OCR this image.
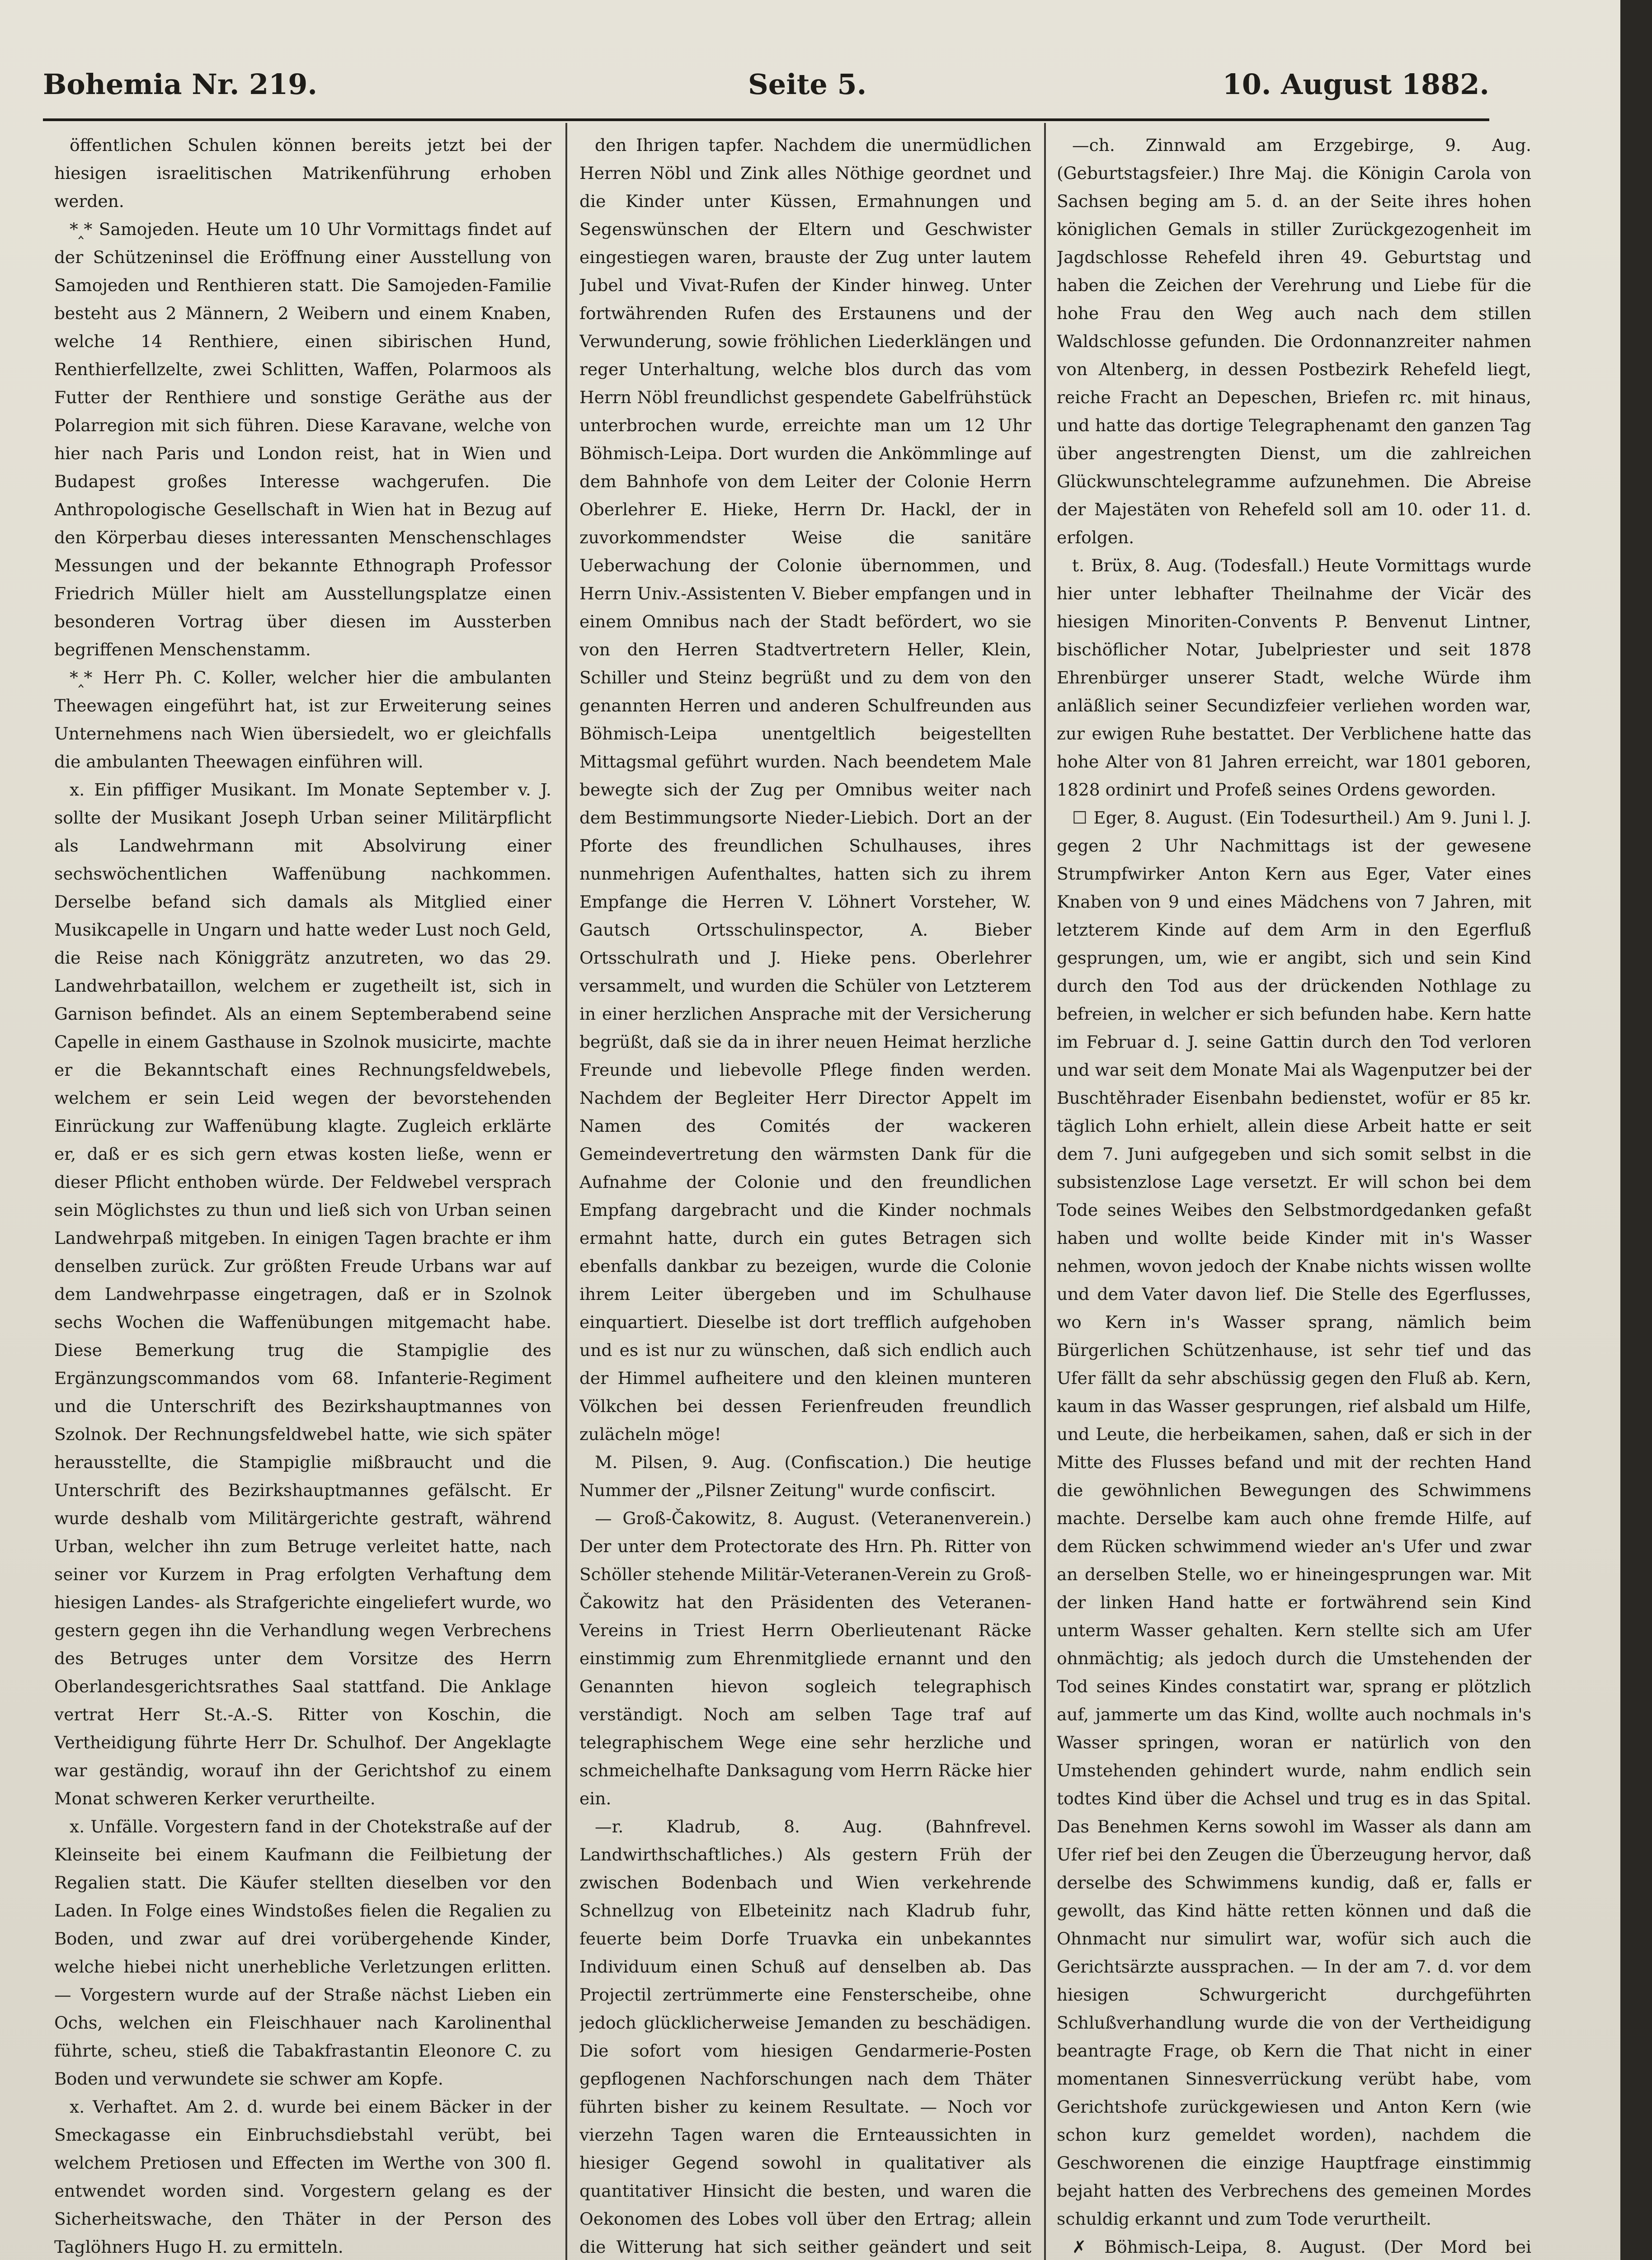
Bohemia Nr. 219.	Seite 5.	10. August 1882.

öffentlichen Schulen können bereits jetzt bei der hiesigen israelitischen Matrikenführung erhoben werden.

*‸* Samojeden. Heute um 10 Uhr Vormittags findet auf der Schützeninsel die Eröffnung einer Ausstellung von Samojeden und Renthieren statt. Die Samojeden-Familie besteht aus 2 Männern, 2 Weibern und einem Knaben, welche 14 Renthiere, einen sibirischen Hund, Renthierfellzelte, zwei Schlitten, Waffen, Polarmoos als Futter der Renthiere und sonstige Geräthe aus der Polarregion mit sich führen. Diese Karavane, welche von hier nach Paris und London reist, hat in Wien und Budapest großes Interesse wachgerufen. Die Anthropologische Gesellschaft in Wien hat in Bezug auf den Körperbau dieses interessanten Menschenschlages Messungen und der bekannte Ethnograph Professor Friedrich Müller hielt am Ausstellungsplatze einen besonderen Vortrag über diesen im Aussterben begriffenen Menschenstamm.

*‸* Herr Ph. C. Koller, welcher hier die ambulanten Theewagen eingeführt hat, ist zur Erweiterung seines Unternehmens nach Wien übersiedelt, wo er gleichfalls die ambulanten Theewagen einführen will.

x. Ein pfiffiger Musikant. Im Monate September v. J. sollte der Musikant Joseph Urban seiner Militärpflicht als Landwehrmann mit Absolvirung einer sechswöchentlichen Waffenübung nachkommen. Derselbe befand sich damals als Mitglied einer Musikcapelle in Ungarn und hatte weder Lust noch Geld, die Reise nach Königgrätz anzutreten, wo das 29. Landwehrbataillon, welchem er zugetheilt ist, sich in Garnison befindet. Als an einem Septemberabend seine Capelle in einem Gasthause in Szolnok musicirte, machte er die Bekanntschaft eines Rechnungsfeldwebels, welchem er sein Leid wegen der bevorstehenden Einrückung zur Waffenübung klagte. Zugleich erklärte er, daß er es sich gern etwas kosten ließe, wenn er dieser Pflicht enthoben würde. Der Feldwebel versprach sein Möglichstes zu thun und ließ sich von Urban seinen Landwehrpaß mitgeben. In einigen Tagen brachte er ihm denselben zurück. Zur größten Freude Urbans war auf dem Landwehrpasse eingetragen, daß er in Szolnok sechs Wochen die Waffenübungen mitgemacht habe. Diese Bemerkung trug die Stampiglie des Ergänzungscommandos vom 68. Infanterie-Regiment und die Unterschrift des Bezirkshauptmannes von Szolnok. Der Rechnungsfeldwebel hatte, wie sich später herausstellte, die Stampiglie mißbraucht und die Unterschrift des Bezirkshauptmannes gefälscht. Er wurde deshalb vom Militärgerichte gestraft, während Urban, welcher ihn zum Betruge verleitet hatte, nach seiner vor Kurzem in Prag erfolgten Verhaftung dem hiesigen Landes- als Strafgerichte eingeliefert wurde, wo gestern gegen ihn die Verhandlung wegen Verbrechens des Betruges unter dem Vorsitze des Herrn Oberlandesgerichtsrathes Saal stattfand. Die Anklage vertrat Herr St.-A.-S. Ritter von Koschin, die Vertheidigung führte Herr Dr. Schulhof. Der Angeklagte war geständig, worauf ihn der Gerichtshof zu einem Monat schweren Kerker verurtheilte.

x. Unfälle. Vorgestern fand in der Chotekstraße auf der Kleinseite bei einem Kaufmann die Feilbietung der Regalien statt. Die Käufer stellten dieselben vor den Laden. In Folge eines Windstoßes fielen die Regalien zu Boden, und zwar auf drei vorübergehende Kinder, welche hiebei nicht unerhebliche Verletzungen erlitten. — Vorgestern wurde auf der Straße nächst Lieben ein Ochs, welchen ein Fleischhauer nach Karolinenthal führte, scheu, stieß die Tabakfrastantin Eleonore C. zu Boden und verwundete sie schwer am Kopfe.

x. Verhaftet. Am 2. d. wurde bei einem Bäcker in der Smeckagasse ein Einbruchsdiebstahl verübt, bei welchem Pretiosen und Effecten im Werthe von 300 fl. entwendet worden sind. Vorgestern gelang es der Sicherheitswache, den Thäter in der Person des Taglöhners Hugo H. zu ermitteln.

den Ihrigen tapfer. Nachdem die unermüdlichen Herren Nöbl und Zink alles Nöthige geordnet und die Kinder unter Küssen, Ermahnungen und Segenswünschen der Eltern und Geschwister eingestiegen waren, brauste der Zug unter lautem Jubel und Vivat-Rufen der Kinder hinweg. Unter fortwährenden Rufen des Erstaunens und der Verwunderung, sowie fröhlichen Liederklängen und reger Unterhaltung, welche blos durch das vom Herrn Nöbl freundlichst gespendete Gabelfrühstück unterbrochen wurde, erreichte man um 12 Uhr Böhmisch-Leipa. Dort wurden die Ankömmlinge auf dem Bahnhofe von dem Leiter der Colonie Herrn Oberlehrer E. Hieke, Herrn Dr. Hackl, der in zuvorkommendster Weise die sanitäre Ueberwachung der Colonie übernommen, und Herrn Univ.-Assistenten V. Bieber empfangen und in einem Omnibus nach der Stadt befördert, wo sie von den Herren Stadtvertretern Heller, Klein, Schiller und Steinz begrüßt und zu dem von den genannten Herren und anderen Schulfreunden aus Böhmisch-Leipa unentgeltlich beigestellten Mittagsmal geführt wurden. Nach beendetem Male bewegte sich der Zug per Omnibus weiter nach dem Bestimmungsorte Nieder-Liebich. Dort an der Pforte des freundlichen Schulhauses, ihres nunmehrigen Aufenthaltes, hatten sich zu ihrem Empfange die Herren V. Löhnert Vorsteher, W. Gautsch Ortsschulinspector, A. Bieber Ortsschulrath und J. Hieke pens. Oberlehrer versammelt, und wurden die Schüler von Letzterem in einer herzlichen Ansprache mit der Versicherung begrüßt, daß sie da in ihrer neuen Heimat herzliche Freunde und liebevolle Pflege finden werden. Nachdem der Begleiter Herr Director Appelt im Namen des Comités der wackeren Gemeindevertretung den wärmsten Dank für die Aufnahme der Colonie und den freundlichen Empfang dargebracht und die Kinder nochmals ermahnt hatte, durch ein gutes Betragen sich ebenfalls dankbar zu bezeigen, wurde die Colonie ihrem Leiter übergeben und im Schulhause einquartiert. Dieselbe ist dort trefflich aufgehoben und es ist nur zu wünschen, daß sich endlich auch der Himmel aufheitere und den kleinen munteren Völkchen bei dessen Ferienfreuden freundlich zulächeln möge!

M. Pilsen, 9. Aug. (Confiscation.) Die heutige Nummer der „Pilsner Zeitung" wurde confiscirt.

— Groß-Čakowitz, 8. August. (Veteranenverein.) Der unter dem Protectorate des Hrn. Ph. Ritter von Schöller stehende Militär-Veteranen-Verein zu Groß-Čakowitz hat den Präsidenten des Veteranen-Vereins in Triest Herrn Oberlieutenant Räcke einstimmig zum Ehrenmitgliede ernannt und den Genannten hievon sogleich telegraphisch verständigt. Noch am selben Tage traf auf telegraphischem Wege eine sehr herzliche und schmeichelhafte Danksagung vom Herrn Räcke hier ein.

—r. Kladrub, 8. Aug. (Bahnfrevel. Landwirthschaftliches.) Als gestern Früh der zwischen Bodenbach und Wien verkehrende Schnellzug von Elbeteinitz nach Kladrub fuhr, feuerte beim Dorfe Truavka ein unbekanntes Individuum einen Schuß auf denselben ab. Das Projectil zertrümmerte eine Fensterscheibe, ohne jedoch glücklicherweise Jemanden zu beschädigen. Die sofort vom hiesigen Gendarmerie-Posten gepflogenen Nachforschungen nach dem Thäter führten bisher zu keinem Resultate. — Noch vor vierzehn Tagen waren die Ernteaussichten in hiesiger Gegend sowohl in qualitativer als quantitativer Hinsicht die besten, und waren die Oekonomen des Lobes voll über den Ertrag; allein die Witterung hat sich seither geändert und seit

—ch. Zinnwald am Erzgebirge, 9. Aug. (Geburtstagsfeier.) Ihre Maj. die Königin Carola von Sachsen beging am 5. d. an der Seite ihres hohen königlichen Gemals in stiller Zurückgezogenheit im Jagdschlosse Rehefeld ihren 49. Geburtstag und haben die Zeichen der Verehrung und Liebe für die hohe Frau den Weg auch nach dem stillen Waldschlosse gefunden. Die Ordonnanzreiter nahmen von Altenberg, in dessen Postbezirk Rehefeld liegt, reiche Fracht an Depeschen, Briefen rc. mit hinaus, und hatte das dortige Telegraphenamt den ganzen Tag über angestrengten Dienst, um die zahlreichen Glückwunschtelegramme aufzunehmen. Die Abreise der Majestäten von Rehefeld soll am 10. oder 11. d. erfolgen.

t. Brüx, 8. Aug. (Todesfall.) Heute Vormittags wurde hier unter lebhafter Theilnahme der Vicär des hiesigen Minoriten-Convents P. Benvenut Lintner, bischöflicher Notar, Jubelpriester und seit 1878 Ehrenbürger unserer Stadt, welche Würde ihm anläßlich seiner Secundizfeier verliehen worden war, zur ewigen Ruhe bestattet. Der Verblichene hatte das hohe Alter von 81 Jahren erreicht, war 1801 geboren, 1828 ordinirt und Profeß seines Ordens geworden.

☐ Eger, 8. August. (Ein Todesurtheil.) Am 9. Juni l. J. gegen 2 Uhr Nachmittags ist der gewesene Strumpfwirker Anton Kern aus Eger, Vater eines Knaben von 9 und eines Mädchens von 7 Jahren, mit letzterem Kinde auf dem Arm in den Egerfluß gesprungen, um, wie er angibt, sich und sein Kind durch den Tod aus der drückenden Nothlage zu befreien, in welcher er sich befunden habe. Kern hatte im Februar d. J. seine Gattin durch den Tod verloren und war seit dem Monate Mai als Wagenputzer bei der Buschtěhrader Eisenbahn bedienstet, wofür er 85 kr. täglich Lohn erhielt, allein diese Arbeit hatte er seit dem 7. Juni aufgegeben und sich somit selbst in die subsistenzlose Lage versetzt. Er will schon bei dem Tode seines Weibes den Selbstmordgedanken gefaßt haben und wollte beide Kinder mit in's Wasser nehmen, wovon jedoch der Knabe nichts wissen wollte und dem Vater davon lief. Die Stelle des Egerflusses, wo Kern in's Wasser sprang, nämlich beim Bürgerlichen Schützenhause, ist sehr tief und das Ufer fällt da sehr abschüssig gegen den Fluß ab. Kern, kaum in das Wasser gesprungen, rief alsbald um Hilfe, und Leute, die herbeikamen, sahen, daß er sich in der Mitte des Flusses befand und mit der rechten Hand die gewöhnlichen Bewegungen des Schwimmens machte. Derselbe kam auch ohne fremde Hilfe, auf dem Rücken schwimmend wieder an's Ufer und zwar an derselben Stelle, wo er hineingesprungen war. Mit der linken Hand hatte er fortwährend sein Kind unterm Wasser gehalten. Kern stellte sich am Ufer ohnmächtig; als jedoch durch die Umstehenden der Tod seines Kindes constatirt war, sprang er plötzlich auf, jammerte um das Kind, wollte auch nochmals in's Wasser springen, woran er natürlich von den Umstehenden gehindert wurde, nahm endlich sein todtes Kind über die Achsel und trug es in das Spital. Das Benehmen Kerns sowohl im Wasser als dann am Ufer rief bei den Zeugen die Überzeugung hervor, daß derselbe des Schwimmens kundig, daß er, falls er gewollt, das Kind hätte retten können und daß die Ohnmacht nur simulirt war, wofür sich auch die Gerichtsärzte aussprachen. — In der am 7. d. vor dem hiesigen Schwurgericht durchgeführten Schlußverhandlung wurde die von der Vertheidigung beantragte Frage, ob Kern die That nicht in einer momentanen Sinnesverrückung verübt habe, vom Gerichtshofe zurückgewiesen und Anton Kern (wie schon kurz gemeldet worden), nachdem die Geschworenen die einzige Hauptfrage einstimmig bejaht hatten des Verbrechens des gemeinen Mordes schuldig erkannt und zum Tode verurtheilt.

✗ Böhmisch-Leipa, 8. August. (Der Mord bei
